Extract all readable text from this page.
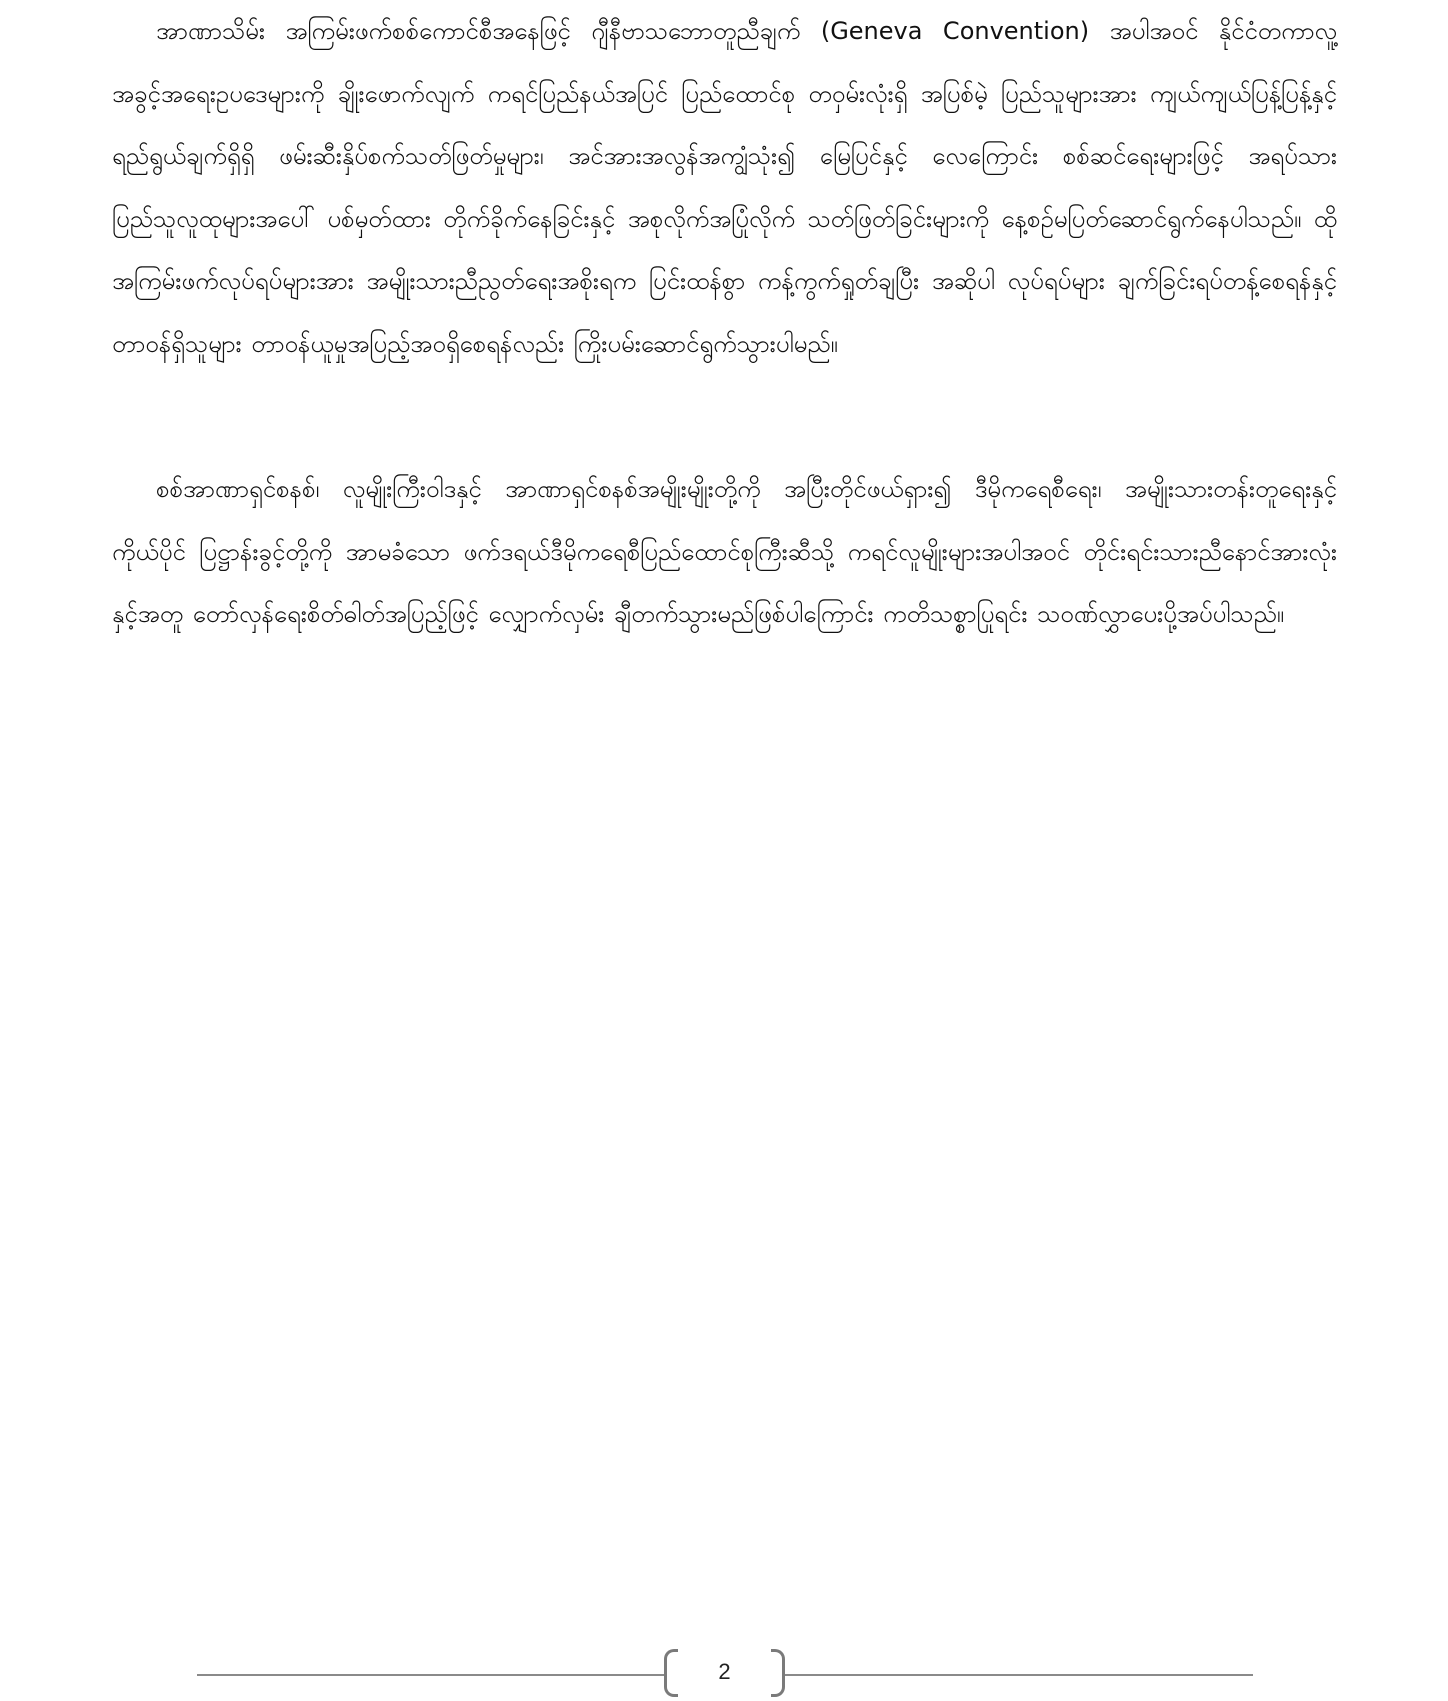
အာဏာသိမ်း အကြမ်းဖက်စစ်ကောင်စီအနေဖြင့် ဂျီနီဗာသဘောတူညီချက် (Geneva Convention) အပါအဝင် နိုင်ငံတကာလူ့အခွင့်အရေးဥပဒေများကို ချိုးဖောက်လျက် ကရင်ပြည်နယ်အပြင် ပြည်ထောင်စု တဝှမ်းလုံးရှိ အပြစ်မဲ့ ပြည်သူများအား ကျယ်ကျယ်ပြန့်ပြန့်နှင့် ရည်ရွယ်ချက်ရှိရှိ ဖမ်းဆီးနှိပ်စက်သတ်ဖြတ်မှုများ၊ အင်အားအလွန်အကျွံသုံး၍ မြေပြင်နှင့် လေကြောင်း စစ်ဆင်ရေးများဖြင့် အရပ်သားပြည်သူလူထုများအပေါ် ပစ်မှတ်ထား တိုက်ခိုက်နေခြင်းနှင့် အစုလိုက်အပြုံလိုက် သတ်ဖြတ်ခြင်းများကို နေ့စဉ်မပြတ်ဆောင်ရွက်နေပါသည်။ ထိုအကြမ်းဖက်လုပ်ရပ်များအား အမျိုးသားညီညွတ်ရေးအစိုးရက ပြင်းထန်စွာ ကန့်ကွက်ရှုတ်ချပြီး အဆိုပါ လုပ်ရပ်များ ချက်ခြင်းရပ်တန့်စေရန်နှင့် တာဝန်ရှိသူများ တာဝန်ယူမှုအပြည့်အဝရှိစေရန်လည်း ကြိုးပမ်းဆောင်ရွက်သွားပါမည်။

စစ်အာဏာရှင်စနစ်၊ လူမျိုးကြီးဝါဒနှင့် အာဏာရှင်စနစ်အမျိုးမျိုးတို့ကို အပြီးတိုင်ဖယ်ရှား၍ ဒီမိုကရေစီရေး၊ အမျိုးသားတန်းတူရေးနှင့် ကိုယ်ပိုင် ပြဋ္ဌာန်းခွင့်တို့ကို အာမခံသော ဖက်ဒရယ်ဒီမိုကရေစီပြည်ထောင်စုကြီးဆီသို့ ကရင်လူမျိုးများအပါအဝင် တိုင်းရင်းသားညီနောင်အားလုံးနှင့်အတူ တော်လှန်ရေးစိတ်ဓါတ်အပြည့်ဖြင့် လျှောက်လှမ်း ချီတက်သွားမည်ဖြစ်ပါကြောင်း ကတိသစ္စာပြုရင်း သဝဏ်လွှာပေးပို့အပ်ပါသည်။

2
